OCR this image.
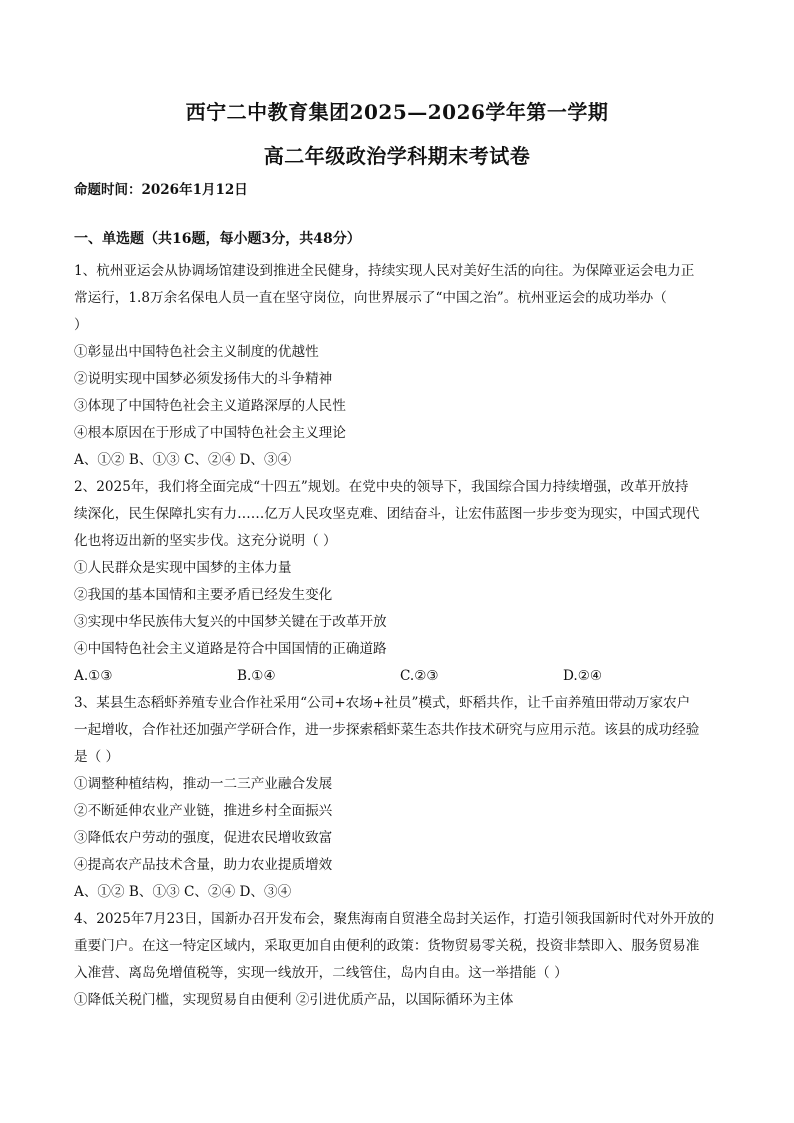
西宁二中教育集团2025—2026学年第一学期
高二年级政治学科期末考试卷
命题时间：2026年1月12日
一、单选题（共16题，每小题3分，共48分）
1、杭州亚运会从协调场馆建设到推进全民健身，持续实现人民对美好生活的向往。为保障亚运会电力正
常运行，1.8万余名保电人员一直在坚守岗位，向世界展示了“中国之治”。杭州亚运会的成功举办（
）
①彰显出中国特色社会主义制度的优越性
②说明实现中国梦必须发扬伟大的斗争精神
③体现了中国特色社会主义道路深厚的人民性
④根本原因在于形成了中国特色社会主义理论
A、①② B、①③ C、②④ D、③④
2、2025年，我们将全面完成“十四五”规划。在党中央的领导下，我国综合国力持续增强，改革开放持
续深化，民生保障扎实有力……亿万人民攻坚克难、团结奋斗，让宏伟蓝图一步步变为现实，中国式现代
化也将迈出新的坚实步伐。这充分说明（ ）
①人民群众是实现中国梦的主体力量
②我国的基本国情和主要矛盾已经发生变化
③实现中华民族伟大复兴的中国梦关键在于改革开放
④中国特色社会主义道路是符合中国国情的正确道路
A.①③	B.①④	C.②③	D.②④
3、某县生态稻虾养殖专业合作社采用“公司+农场+社员”模式，虾稻共作，让千亩养殖田带动万家农户
一起增收，合作社还加强产学研合作，进一步探索稻虾菜生态共作技术研究与应用示范。该县的成功经验
是（ ）
①调整种植结构，推动一二三产业融合发展
②不断延伸农业产业链，推进乡村全面振兴
③降低农户劳动的强度，促进农民增收致富
④提高农产品技术含量，助力农业提质增效
A、①② B、①③ C、②④ D、③④
4、2025年7月23日，国新办召开发布会，聚焦海南自贸港全岛封关运作，打造引领我国新时代对外开放的
重要门户。在这一特定区域内，采取更加自由便利的政策：货物贸易零关税，投资非禁即入、服务贸易准
入准营、离岛免增值税等，实现一线放开，二线管住，岛内自由。这一举措能（ ）
①降低关税门槛，实现贸易自由便利 ②引进优质产品，以国际循环为主体
